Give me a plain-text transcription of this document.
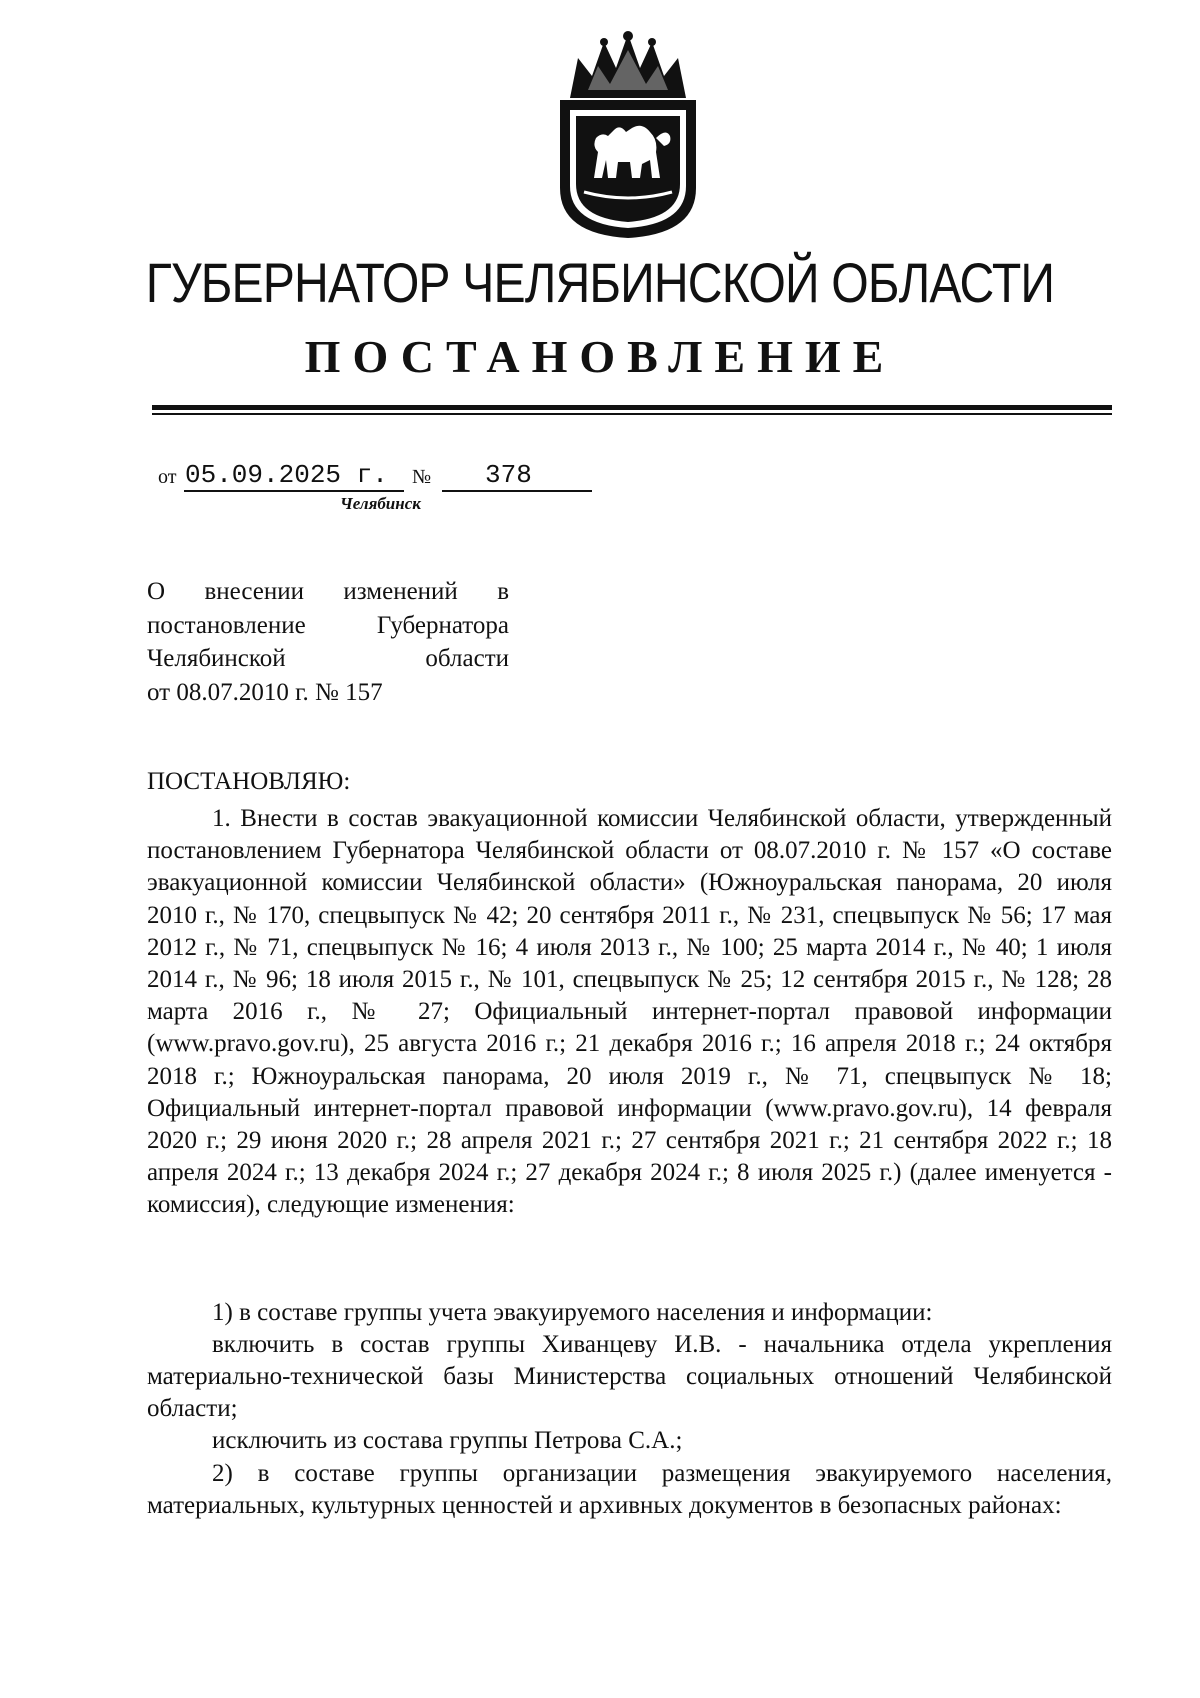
ГУБЕРНАТОР ЧЕЛЯБИНСКОЙ ОБЛАСТИ
ПОСТАНОВЛЕНИЕ
от 05.09.2025 г. № 378
Челябинск
О внесении изменений в
постановление Губернатора
Челябинской области
от 08.07.2010 г. № 157

ПОСТАНОВЛЯЮ:

1. Внести в состав эвакуационной комиссии Челябинской области, утвержденный постановлением Губернатора Челябинской области от 08.07.2010 г. № 157 «О составе эвакуационной комиссии Челябинской области» (Южноуральская панорама, 20 июля 2010 г., № 170, спецвыпуск № 42; 20 сентября 2011 г., № 231, спецвыпуск № 56; 17 мая 2012 г., № 71, спецвыпуск № 16; 4 июля 2013 г., № 100; 25 марта 2014 г., № 40; 1 июля 2014 г., № 96; 18 июля 2015 г., № 101, спецвыпуск № 25; 12 сентября 2015 г., № 128; 28 марта 2016 г., № 27; Официальный интернет-портал правовой информации (www.pravo.gov.ru), 25 августа 2016 г.; 21 декабря 2016 г.; 16 апреля 2018 г.; 24 октября 2018 г.; Южноуральская панорама, 20 июля 2019 г., № 71, спецвыпуск № 18; Официальный интернет-портал правовой информации (www.pravo.gov.ru), 14 февраля 2020 г.; 29 июня 2020 г.; 28 апреля 2021 г.; 27 сентября 2021 г.; 21 сентября 2022 г.; 18 апреля 2024 г.; 13 декабря 2024 г.; 27 декабря 2024 г.; 8 июля 2025 г.) (далее именуется - комиссия), следующие изменения:

1) в составе группы учета эвакуируемого населения и информации:

включить в состав группы Хиванцеву И.В. - начальника отдела укрепления материально-технической базы Министерства социальных отношений Челябинской области;

исключить из состава группы Петрова С.А.;

2) в составе группы организации размещения эвакуируемого населения, материальных, культурных ценностей и архивных документов в безопасных районах:
